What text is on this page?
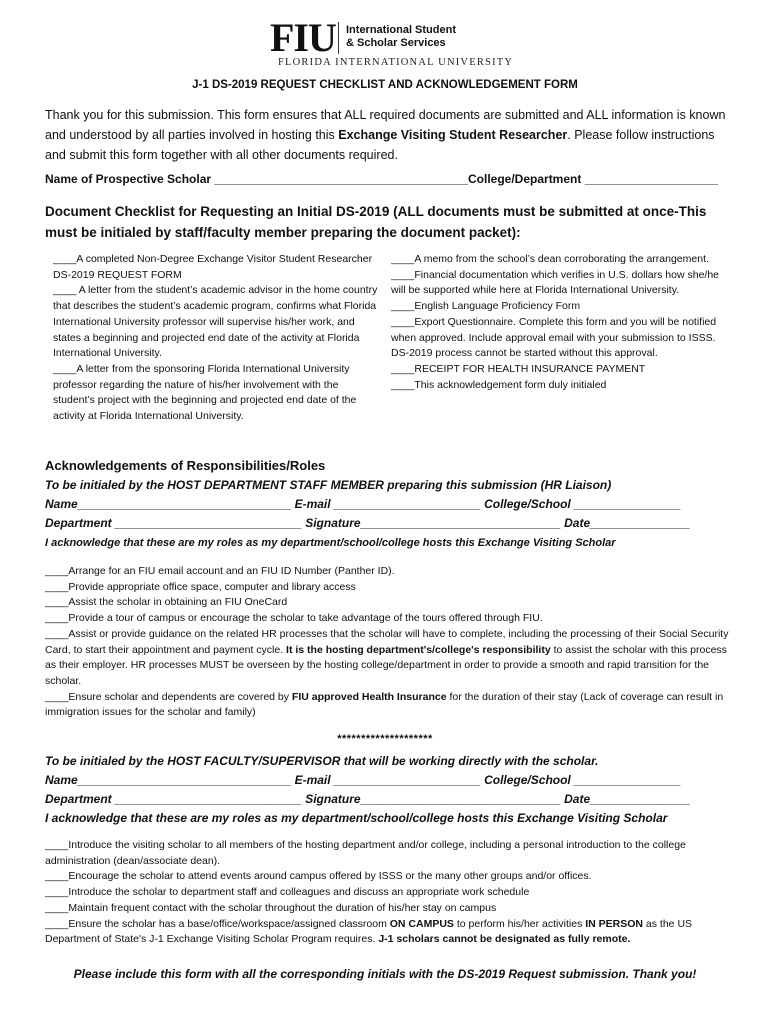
FIU International Student
& Scholar Services
FLORIDA INTERNATIONAL UNIVERSITY
J-1 DS-2019 REQUEST CHECKLIST AND ACKNOWLEDGEMENT FORM
Thank you for this submission. This form ensures that ALL required documents are submitted and ALL information is known and understood by all parties involved in hosting this Exchange Visiting Student Researcher. Please follow instructions and submit this form together with all other documents required.
Name of Prospective Scholar ______________________________________College/Department ____________________
Document Checklist for Requesting an Initial DS-2019 (ALL documents must be submitted at once-This must be initialed by staff/faculty member preparing the document packet):

____A completed Non-Degree Exchange Visitor Student Researcher DS-2019 REQUEST FORM

____ A letter from the student’s academic advisor in the home country that describes the student’s academic program, confirms what Florida International University professor will supervise his/her work, and states a beginning and projected end date of the activity at Florida International University.

____A letter from the sponsoring Florida International University professor regarding the nature of his/her involvement with the student’s project with the beginning and projected end date of the activity at Florida International University.

____A memo from the school’s dean corroborating the arrangement.

____Financial documentation which verifies in U.S. dollars how she/he will be supported while here at Florida International University.

____English Language Proficiency Form

____Export Questionnaire. Complete this form and you will be notified when approved. Include approval email with your submission to ISSS. DS-2019 process cannot be started without this approval.

____RECEIPT FOR HEALTH INSURANCE PAYMENT

____This acknowledgement form duly initialed

Acknowledgements of Responsibilities/Roles
To be initialed by the HOST DEPARTMENT STAFF MEMBER preparing this submission (HR Liaison)
Name________________________________ E-mail ______________________ College/School ________________
Department ____________________________ Signature______________________________ Date_______________
I acknowledge that these are my roles as my department/school/college hosts this Exchange Visiting Scholar

____Arrange for an FIU email account and an FIU ID Number (Panther ID).

____Provide appropriate office space, computer and library access

____Assist the scholar in obtaining an FIU OneCard

____Provide a tour of campus or encourage the scholar to take advantage of the tours offered through FIU.

____Assist or provide guidance on the related HR processes that the scholar will have to complete, including the processing of their Social Security Card, to start their appointment and payment cycle. It is the hosting department's/college's responsibility to assist the scholar with this process as their employer. HR processes MUST be overseen by the hosting college/department in order to provide a smooth and rapid transition for the scholar.

____Ensure scholar and dependents are covered by FIU approved Health Insurance for the duration of their stay (Lack of coverage can result in immigration issues for the scholar and family)

********************
To be initialed by the HOST FACULTY/SUPERVISOR that will be working directly with the scholar.
Name________________________________ E-mail ______________________ College/School ________________
Department ____________________________ Signature______________________________ Date_______________
I acknowledge that these are my roles as my department/school/college hosts this Exchange Visiting Scholar

____Introduce the visiting scholar to all members of the hosting department and/or college, including a personal introduction to the college administration (dean/associate dean).

____Encourage the scholar to attend events around campus offered by ISSS or the many other groups and/or offices.

____Introduce the scholar to department staff and colleagues and discuss an appropriate work schedule

____Maintain frequent contact with the scholar throughout the duration of his/her stay on campus

____Ensure the scholar has a base/office/workspace/assigned classroom ON CAMPUS to perform his/her activities IN PERSON as the US Department of State's J-1 Exchange Visiting Scholar Program requires. J-1 scholars cannot be designated as fully remote.

Please include this form with all the corresponding initials with the DS-2019 Request submission. Thank you!
